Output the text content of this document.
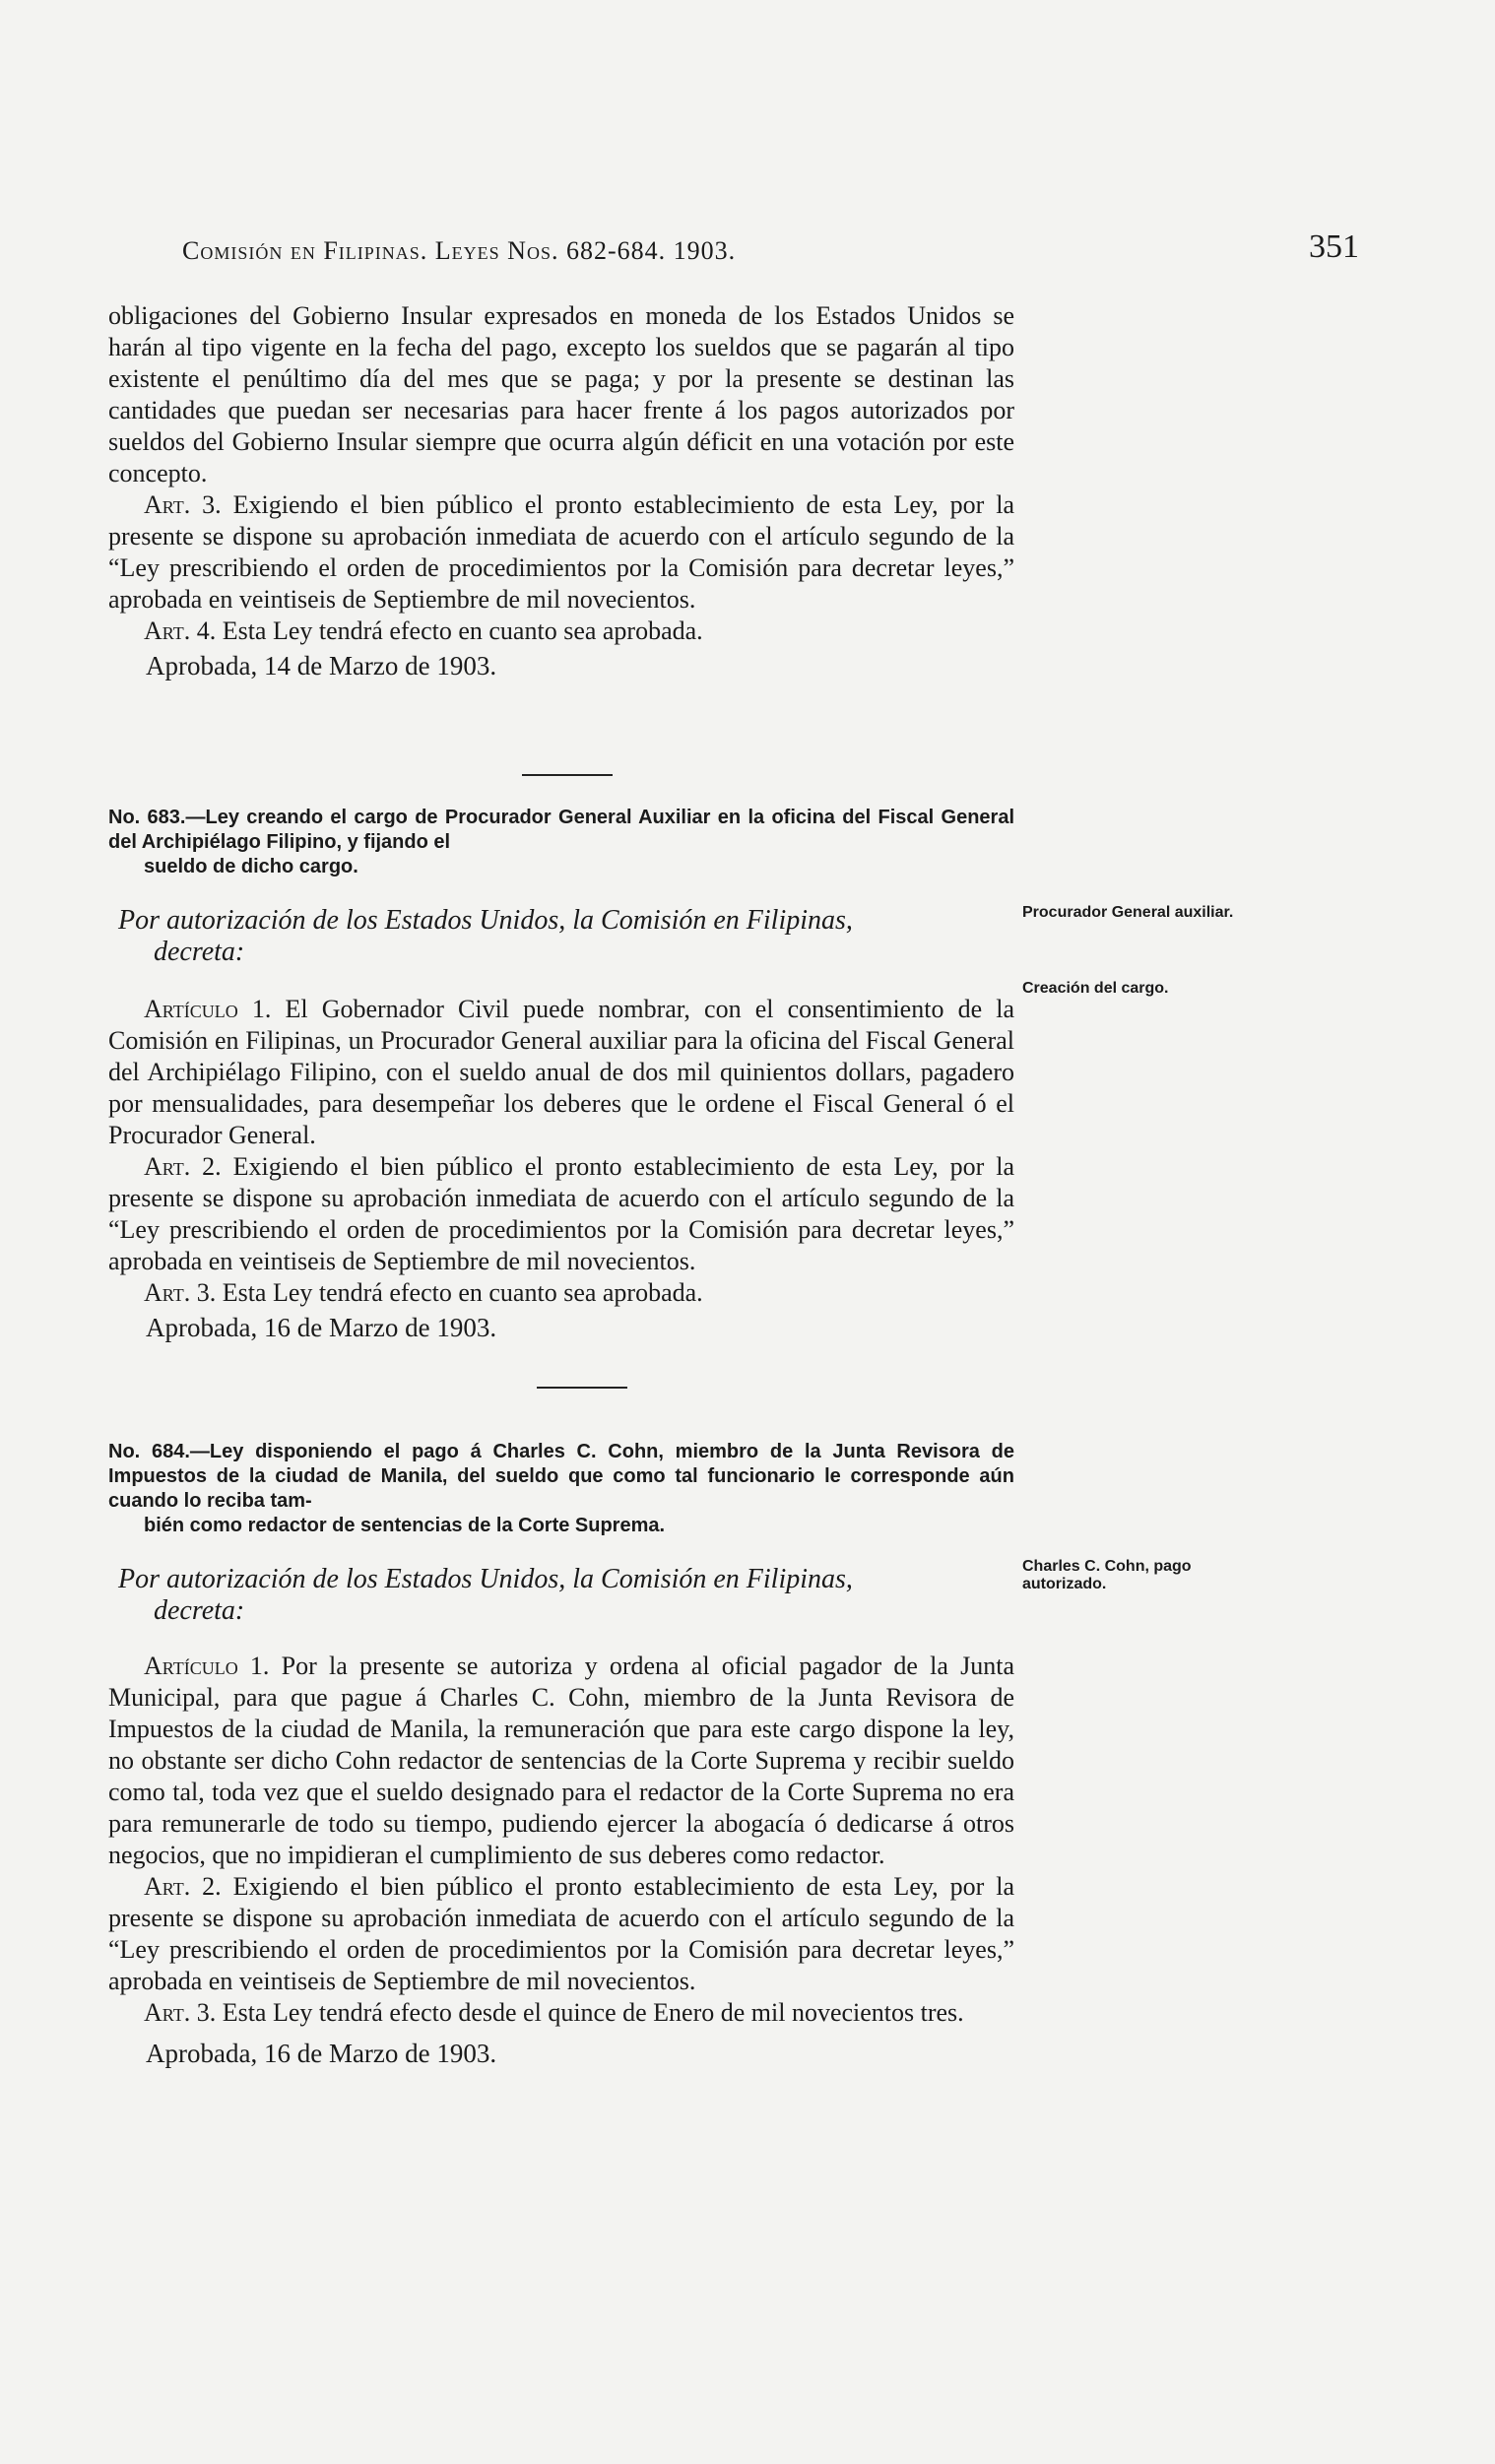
Comisión en Filipinas. Leyes Nos. 682-684. 1903.	351

obligaciones del Gobierno Insular expresados en moneda de los Estados Unidos se harán al tipo vigente en la fecha del pago, excepto los sueldos que se pagarán al tipo existente el penúltimo día del mes que se paga; y por la presente se destinan las cantidades que puedan ser necesarias para hacer frente á los pagos autorizados por sueldos del Gobierno Insular siempre que ocurra algún déficit en una votación por este concepto.

Art. 3. Exigiendo el bien público el pronto establecimiento de esta Ley, por la presente se dispone su aprobación inmediata de acuerdo con el artículo segundo de la “Ley prescribiendo el orden de procedimientos por la Comisión para decretar leyes,” aprobada en veintiseis de Septiembre de mil novecientos.

Art. 4. Esta Ley tendrá efecto en cuanto sea aprobada.

Aprobada, 14 de Marzo de 1903.

No. 683.—Ley creando el cargo de Procurador General Auxiliar en la oficina del Fiscal General del Archipiélago Filipino, y fijando el
sueldo de dicho cargo.

Por autorización de los Estados Unidos, la Comisión en Filipinas,
decreta:

Artículo 1. El Gobernador Civil puede nombrar, con el consentimiento de la Comisión en Filipinas, un Procurador General auxiliar para la oficina del Fiscal General del Archipiélago Filipino, con el sueldo anual de dos mil quinientos dollars, pagadero por mensualidades, para desempeñar los deberes que le ordene el Fiscal General ó el Procurador General.

Art. 2. Exigiendo el bien público el pronto establecimiento de esta Ley, por la presente se dispone su aprobación inmediata de acuerdo con el artículo segundo de la “Ley prescribiendo el orden de procedimientos por la Comisión para decretar leyes,” aprobada en veintiseis de Septiembre de mil novecientos.

Art. 3. Esta Ley tendrá efecto en cuanto sea aprobada.

Aprobada, 16 de Marzo de 1903.

Procurador General auxiliar.
Creación del cargo.

No. 684.—Ley disponiendo el pago á Charles C. Cohn, miembro de la Junta Revisora de Impuestos de la ciudad de Manila, del sueldo que como tal funcionario le corresponde aún cuando lo reciba tam-
bién como redactor de sentencias de la Corte Suprema.

Por autorización de los Estados Unidos, la Comisión en Filipinas,
decreta:

Artículo 1. Por la presente se autoriza y ordena al oficial pagador de la Junta Municipal, para que pague á Charles C. Cohn, miembro de la Junta Revisora de Impuestos de la ciudad de Manila, la remuneración que para este cargo dispone la ley, no obstante ser dicho Cohn redactor de sentencias de la Corte Suprema y recibir sueldo como tal, toda vez que el sueldo designado para el redactor de la Corte Suprema no era para remunerarle de todo su tiempo, pudiendo ejercer la abogacía ó dedicarse á otros negocios, que no impidieran el cumplimiento de sus deberes como redactor.

Art. 2. Exigiendo el bien público el pronto establecimiento de esta Ley, por la presente se dispone su aprobación inmediata de acuerdo con el artículo segundo de la “Ley prescribiendo el orden de procedimientos por la Comisión para decretar leyes,” aprobada en veintiseis de Septiembre de mil novecientos.

Art. 3. Esta Ley tendrá efecto desde el quince de Enero de mil novecientos tres.

Aprobada, 16 de Marzo de 1903.

Charles C. Cohn, pago autorizado.
